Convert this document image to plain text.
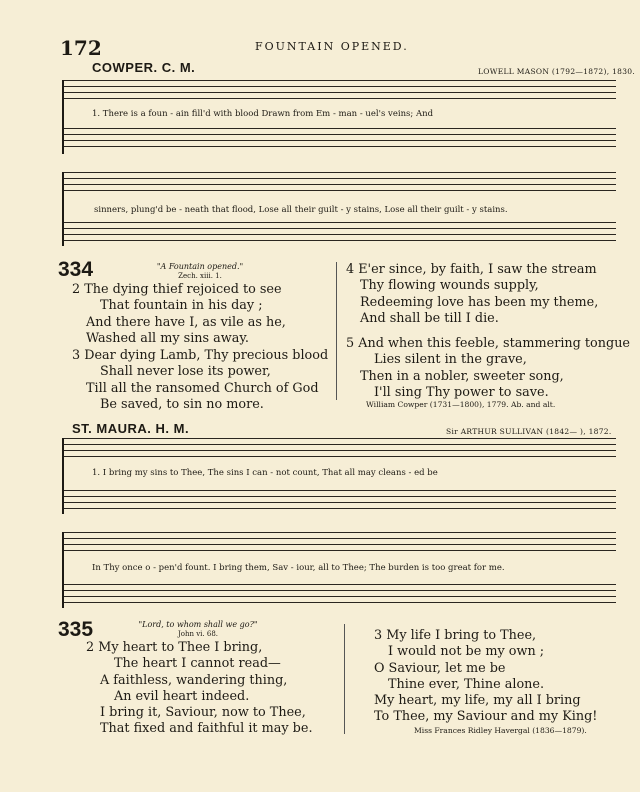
172	FOUNTAIN OPENED.
COWPER. C. M.	LOWELL MASON (1792—1872), 1830.
1. There is a foun - ain fill'd with blood Drawn from Em - man - uel's veins; And
sinners, plung'd be - neath that flood, Lose all their guilt - y stains, Lose all their guilt - y stains.
334	"A Fountain opened."
Zech. xiii. 1.
2 The dying thief rejoiced to see
That fountain in his day ;
And there have I, as vile as he,
Washed all my sins away.
3 Dear dying Lamb, Thy precious blood
Shall never lose its power,
Till all the ransomed Church of God
Be saved, to sin no more.
4 E'er since, by faith, I saw the stream
Thy flowing wounds supply,
Redeeming love has been my theme,
And shall be till I die.
5 And when this feeble, stammering tongue
Lies silent in the grave,
Then in a nobler, sweeter song,
I'll sing Thy power to save.
William Cowper (1731—1800), 1779. Ab. and alt.
ST. MAURA. H. M.	Sir ARTHUR SULLIVAN (1842— ), 1872.
1. I bring my sins to Thee, The sins I can - not count, That all may cleans - ed be
In Thy once o - pen'd fount. I bring them, Sav - iour, all to Thee; The burden is too great for me.
335	"Lord, to whom shall we go?"
John vi. 68.
2 My heart to Thee I bring,
The heart I cannot read—
A faithless, wandering thing,
An evil heart indeed.
I bring it, Saviour, now to Thee,
That fixed and faithful it may be.
3 My life I bring to Thee,
I would not be my own ;
O Saviour, let me be
Thine ever, Thine alone.
My heart, my life, my all I bring
To Thee, my Saviour and my King!
Miss Frances Ridley Havergal (1836—1879).
